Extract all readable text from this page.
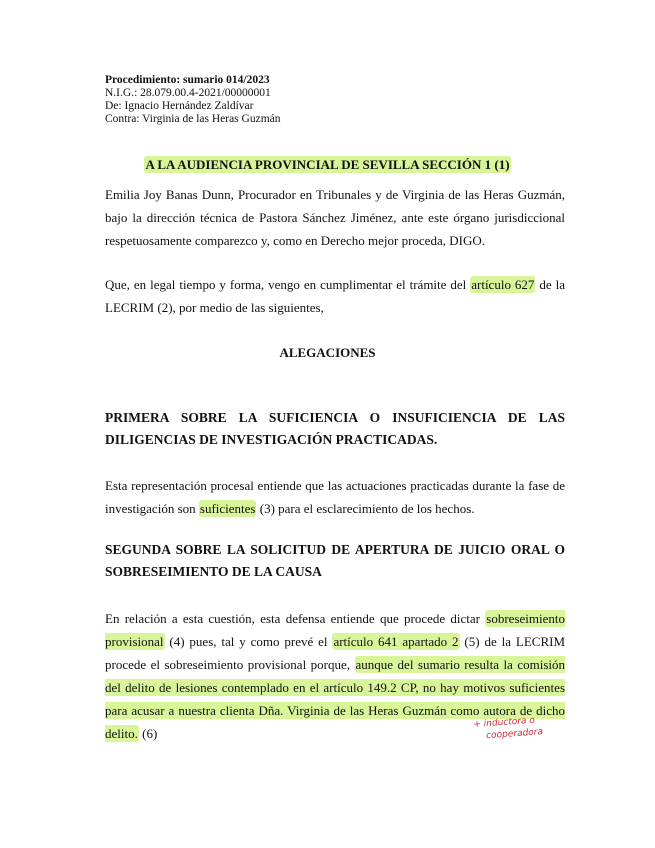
Procedimiento: sumario 014/2023
N.I.G.: 28.079.00.4-2021/00000001
De: Ignacio Hernández Zaldívar
Contra: Virginia de las Heras Guzmán
A LA AUDIENCIA PROVINCIAL DE SEVILLA SECCIÓN 1 (1)
Emilia Joy Banas Dunn, Procurador en Tribunales y de Virginia de las Heras Guzmán, bajo la dirección técnica de Pastora Sánchez Jiménez, ante este órgano jurisdiccional respetuosamente comparezco y, como en Derecho mejor proceda, DIGO.
Que, en legal tiempo y forma, vengo en cumplimentar el trámite del artículo 627 de la LECRIM (2), por medio de las siguientes,
ALEGACIONES
PRIMERA SOBRE LA SUFICIENCIA O INSUFICIENCIA DE LAS DILIGENCIAS DE INVESTIGACIÓN PRACTICADAS.
Esta representación procesal entiende que las actuaciones practicadas durante la fase de investigación son suficientes (3) para el esclarecimiento de los hechos.
SEGUNDA SOBRE LA SOLICITUD DE APERTURA DE JUICIO ORAL O SOBRESEIMIENTO DE LA CAUSA
En relación a esta cuestión, esta defensa entiende que procede dictar sobreseimiento provisional (4) pues, tal y como prevé el artículo 641 apartado 2 (5) de la LECRIM procede el sobreseimiento provisional porque, aunque del sumario resulta la comisión del delito de lesiones contemplado en el artículo 149.2 CP, no hay motivos suficientes para acusar a nuestra clienta Dña. Virginia de las Heras Guzmán como autora de dicho delito. (6)
+ inductora o
cooperadora
